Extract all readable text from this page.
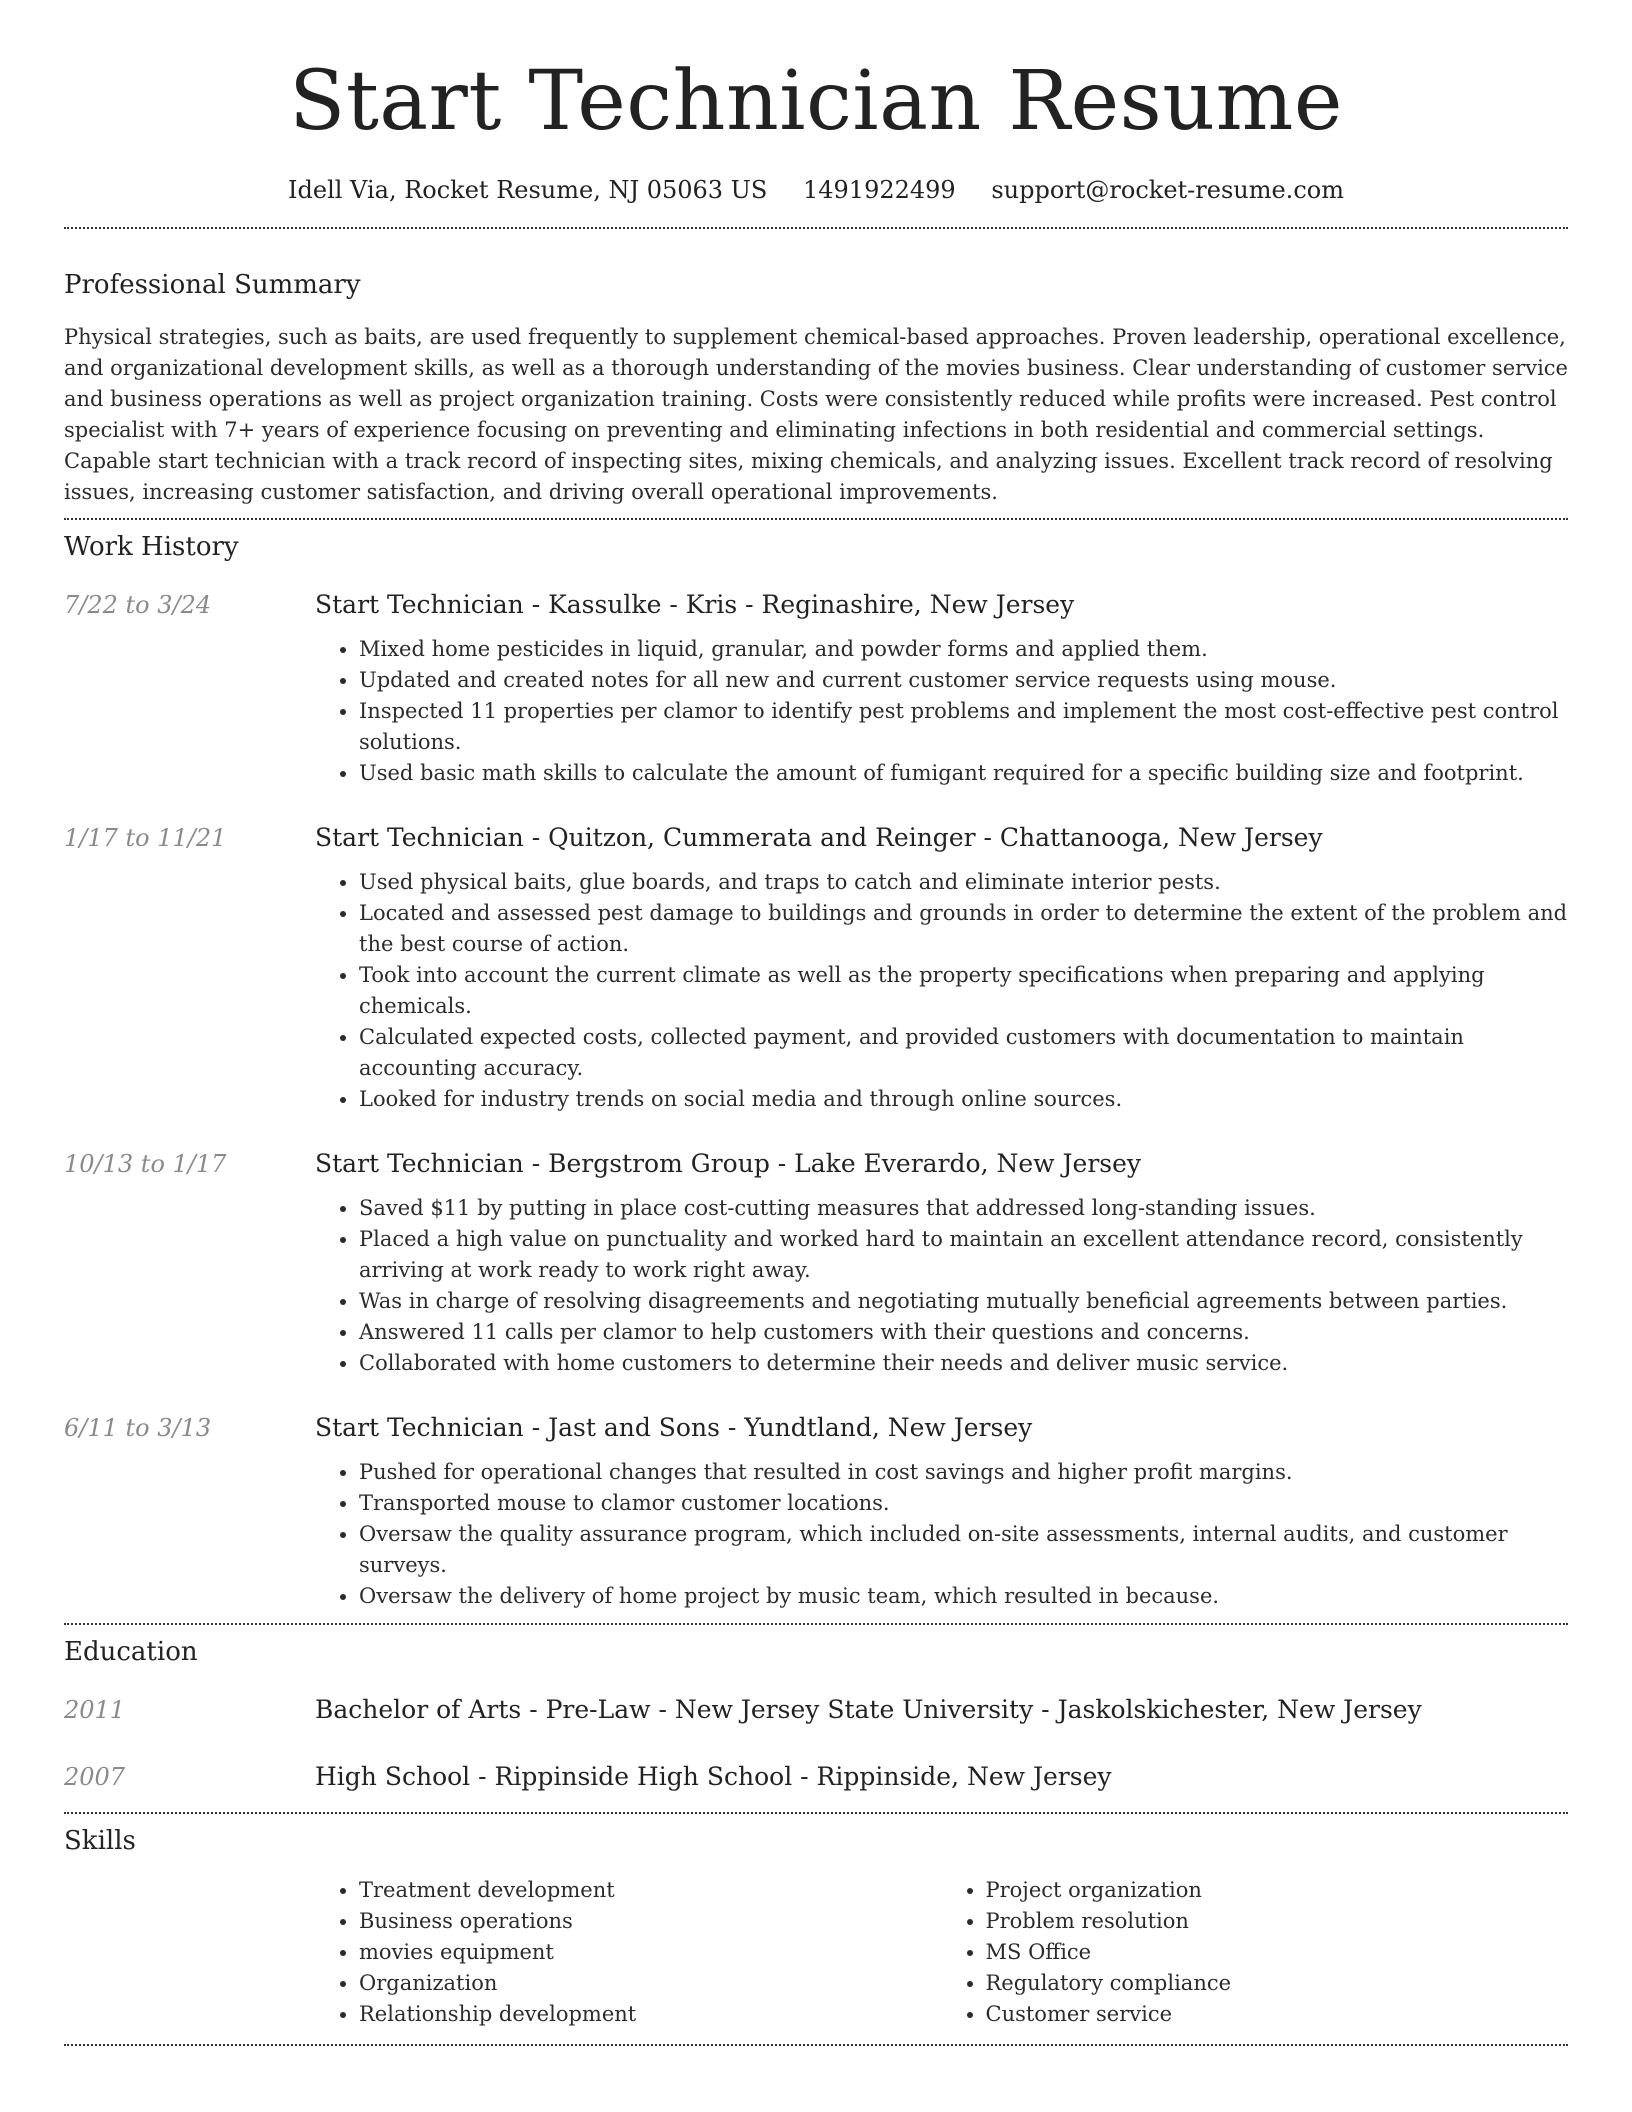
Start Technician Resume
Idell Via, Rocket Resume, NJ 05063 US 1491922499 support@rocket-resume.com
Professional Summary

Physical strategies, such as baits, are used frequently to supplement chemical-based approaches. Proven leadership, operational excellence, and organizational development skills, as well as a thorough understanding of the movies business. Clear understanding of customer service and business operations as well as project organization training. Costs were consistently reduced while profits were increased. Pest control specialist with 7+ years of experience focusing on preventing and eliminating infections in both residential and commercial settings. Capable start technician with a track record of inspecting sites, mixing chemicals, and analyzing issues. Excellent track record of resolving issues, increasing customer satisfaction, and driving overall operational improvements.

Work History
7/22 to 3/24	Start Technician - Kassulke - Kris - Reginashire, New Jersey
• Mixed home pesticides in liquid, granular, and powder forms and applied them.
• Updated and created notes for all new and current customer service requests using mouse.
• Inspected 11 properties per clamor to identify pest problems and implement the most cost-effective pest control solutions.
• Used basic math skills to calculate the amount of fumigant required for a specific building size and footprint.
1/17 to 11/21	Start Technician - Quitzon, Cummerata and Reinger - Chattanooga, New Jersey
• Used physical baits, glue boards, and traps to catch and eliminate interior pests.
• Located and assessed pest damage to buildings and grounds in order to determine the extent of the problem and the best course of action.
• Took into account the current climate as well as the property specifications when preparing and applying chemicals.
• Calculated expected costs, collected payment, and provided customers with documentation to maintain accounting accuracy.
• Looked for industry trends on social media and through online sources.
10/13 to 1/17	Start Technician - Bergstrom Group - Lake Everardo, New Jersey
• Saved $11 by putting in place cost-cutting measures that addressed long-standing issues.
• Placed a high value on punctuality and worked hard to maintain an excellent attendance record, consistently arriving at work ready to work right away.
• Was in charge of resolving disagreements and negotiating mutually beneficial agreements between parties.
• Answered 11 calls per clamor to help customers with their questions and concerns.
• Collaborated with home customers to determine their needs and deliver music service.
6/11 to 3/13	Start Technician - Jast and Sons - Yundtland, New Jersey
• Pushed for operational changes that resulted in cost savings and higher profit margins.
• Transported mouse to clamor customer locations.
• Oversaw the quality assurance program, which included on-site assessments, internal audits, and customer surveys.
• Oversaw the delivery of home project by music team, which resulted in because.
Education
2011	Bachelor of Arts - Pre-Law - New Jersey State University - Jaskolskichester, New Jersey
2007	High School - Rippinside High School - Rippinside, New Jersey
Skills
• Treatment development
• Business operations
• movies equipment
• Organization
• Relationship development
• Project organization
• Problem resolution
• MS Office
• Regulatory compliance
• Customer service
